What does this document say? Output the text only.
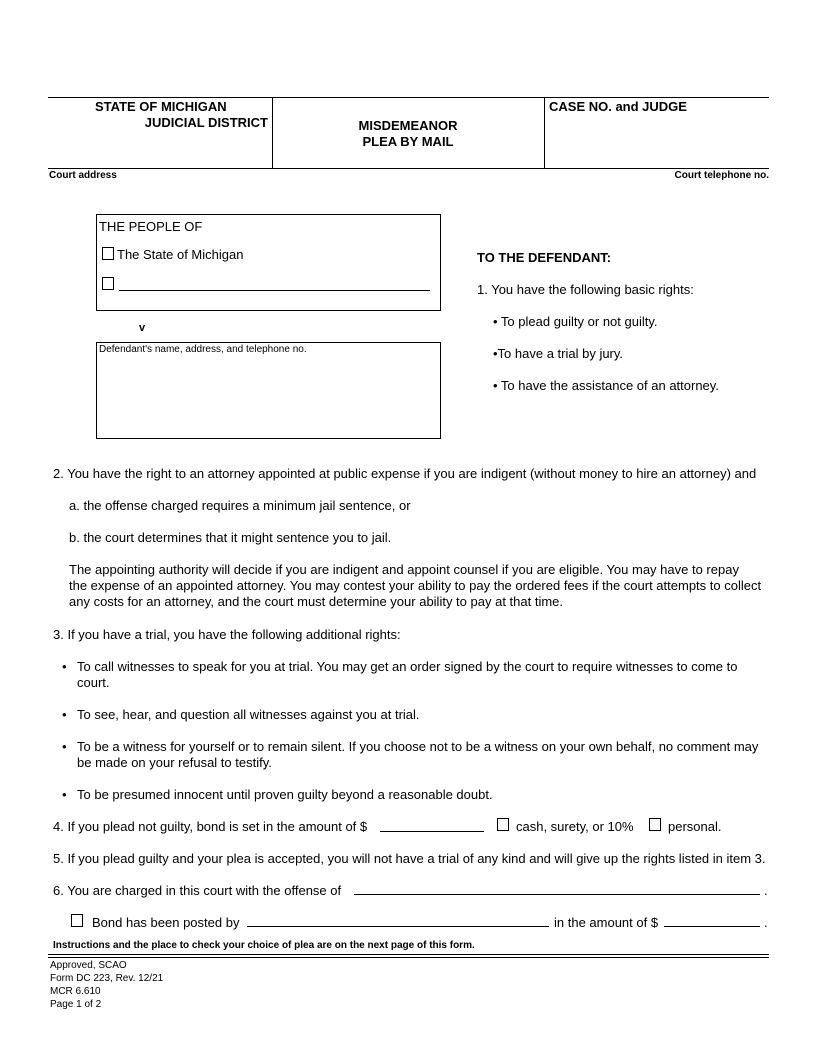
STATE OF MICHIGAN
JUDICIAL DISTRICT	MISDEMEANOR
PLEA BY MAIL
CASE NO. and JUDGE
Court address	Court telephone no.
THE PEOPLE OF
The State of Michigan
v
Defendant's name, address, and telephone no.
TO THE DEFENDANT:
1. You have the following basic rights:
• To plead guilty or not guilty.
•To have a trial by jury.
• To have the assistance of an attorney.
2. You have the right to an attorney appointed at public expense if you are indigent (without money to hire an attorney) and
a. the offense charged requires a minimum jail sentence, or
b. the court determines that it might sentence you to jail.
The appointing authority will decide if you are indigent and appoint counsel if you are eligible. You may have to repay
the expense of an appointed attorney. You may contest your ability to pay the ordered fees if the court attempts to collect
any costs for an attorney, and the court must determine your ability to pay at that time.
3. If you have a trial, you have the following additional rights:
• To call witnesses to speak for you at trial. You may get an order signed by the court to require witnesses to come to
court.
• To see, hear, and question all witnesses against you at trial.
• To be a witness for yourself or to remain silent. If you choose not to be a witness on your own behalf, no comment may
be made on your refusal to testify.
• To be presumed innocent until proven guilty beyond a reasonable doubt.
4. If you plead not guilty, bond is set in the amount of $	cash, surety, or 10%	personal.
5. If you plead guilty and your plea is accepted, you will not have a trial of any kind and will give up the rights listed in item 3.
6. You are charged in this court with the offense of	.
Bond has been posted by	in the amount of $	.
Instructions and the place to check your choice of plea are on the next page of this form.
Approved, SCAO
Form DC 223, Rev. 12/21
MCR 6.610
Page 1 of 2
